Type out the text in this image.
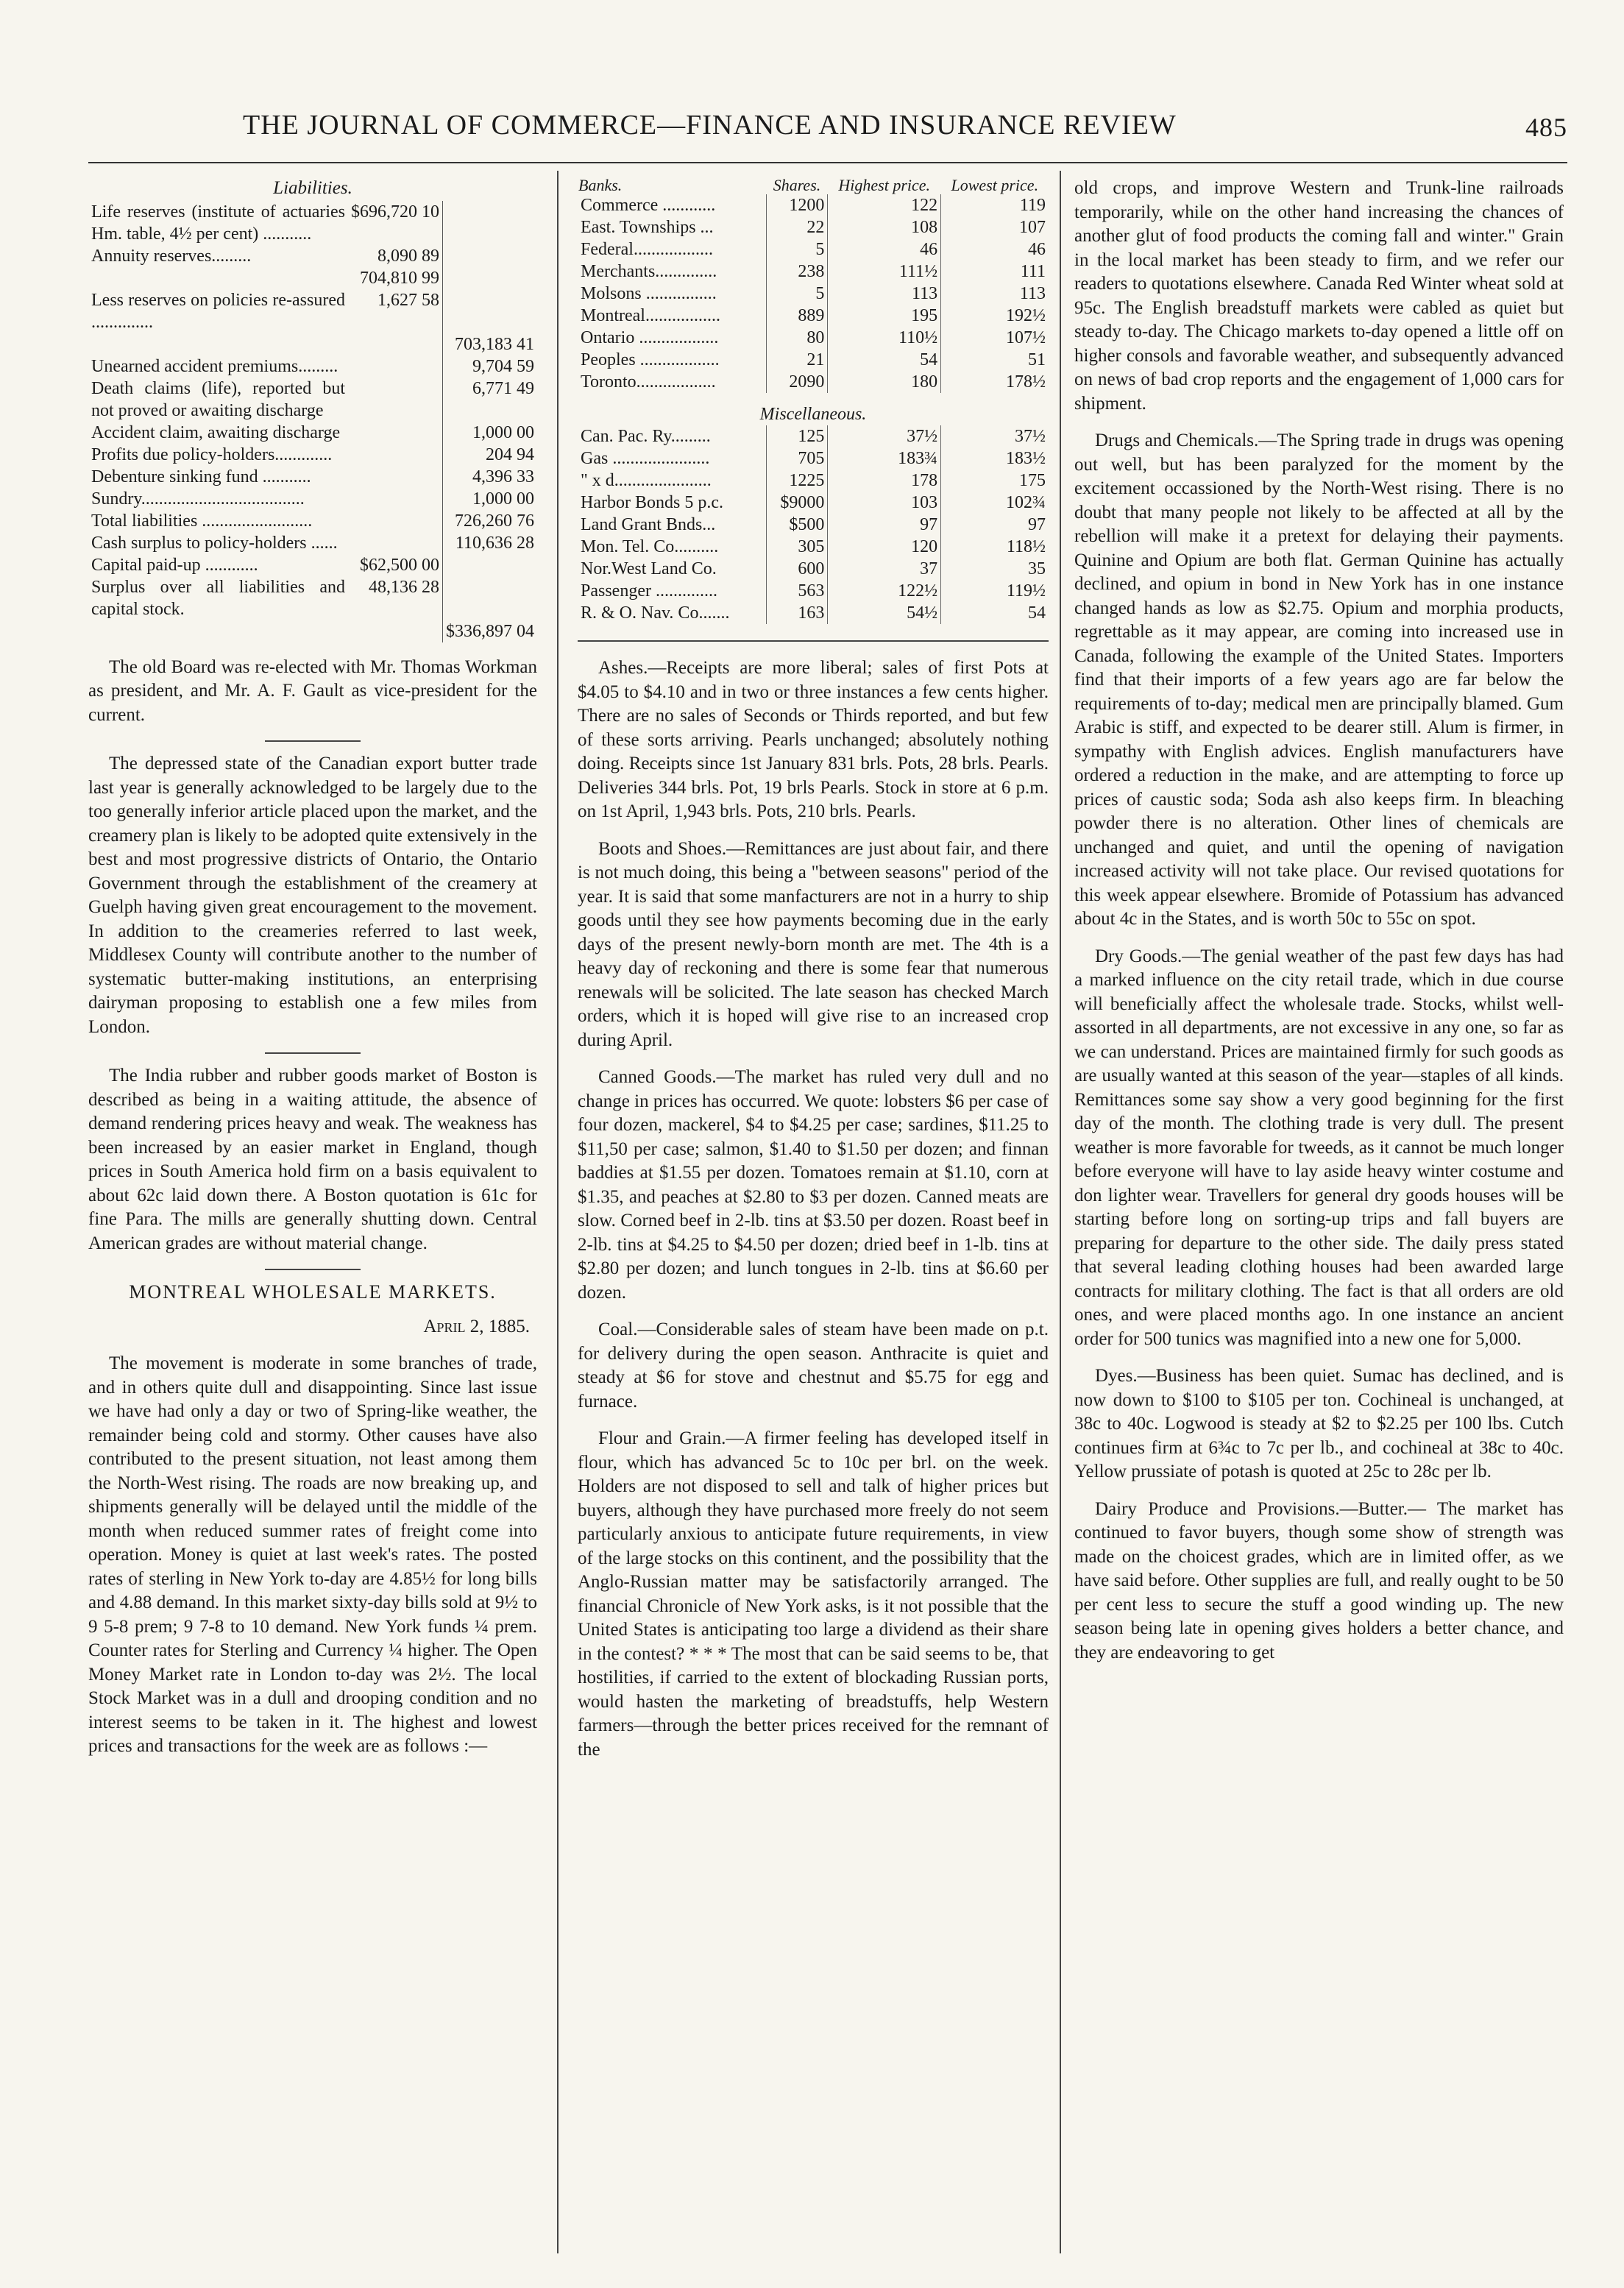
THE JOURNAL OF COMMERCE—FINANCE AND INSURANCE REVIEW	485
Liabilities.
Life reserves (institute of actuaries Hm. table, 4½ per cent) ...........	$696,720 10	
Annuity reserves.........	8,090 89	
	704,810 99	
Less reserves on policies re-assured ..............	1,627 58	
		703,183 41
Unearned accident premiums.........		9,704 59
Death claims (life), reported but not proved or awaiting discharge		6,771 49
Accident claim, awaiting discharge		1,000 00
Profits due policy-holders.............		204 94
Debenture sinking fund ...........		4,396 33
Sundry.....................................		1,000 00
Total liabilities .........................		726,260 76
Cash surplus to policy-holders ......		110,636 28
Capital paid-up ............	$62,500 00	
Surplus over all liabilities and capital stock.	48,136 28	
		$336,897 04

The old Board was re-elected with Mr. Thomas Workman as president, and Mr. A. F. Gault as vice-president for the current.

The depressed state of the Canadian export butter trade last year is generally acknowledged to be largely due to the too generally inferior article placed upon the market, and the creamery plan is likely to be adopted quite extensively in the best and most progressive districts of Ontario, the Ontario Government through the establishment of the creamery at Guelph having given great encouragement to the movement. In addition to the creameries referred to last week, Middlesex County will contribute another to the number of systematic butter-making institutions, an enterprising dairyman proposing to establish one a few miles from London.

The India rubber and rubber goods market of Boston is described as being in a waiting attitude, the absence of demand rendering prices heavy and weak. The weakness has been increased by an easier market in England, though prices in South America hold firm on a basis equivalent to about 62c laid down there. A Boston quotation is 61c for fine Para. The mills are generally shutting down. Central American grades are without material change.

MONTREAL WHOLESALE MARKETS.
April 2, 1885.

The movement is moderate in some branches of trade, and in others quite dull and disappointing. Since last issue we have had only a day or two of Spring-like weather, the remainder being cold and stormy. Other causes have also contributed to the present situation, not least among them the North-West rising. The roads are now breaking up, and shipments generally will be delayed until the middle of the month when reduced summer rates of freight come into operation. Money is quiet at last week's rates. The posted rates of sterling in New York to-day are 4.85½ for long bills and 4.88 demand. In this market sixty-day bills sold at 9½ to 9 5-8 prem; 9 7-8 to 10 demand. New York funds ¼ prem. Counter rates for Sterling and Currency ¼ higher. The Open Money Market rate in London to-day was 2½. The local Stock Market was in a dull and drooping condition and no interest seems to be taken in it. The highest and lowest prices and transactions for the week are as follows :—

Banks.	Shares.	Highest price.	Lowest price.
Commerce ............	1200	122	119
East. Townships ...	22	108	107
Federal..................	5	46	46
Merchants..............	238	111½	111
Molsons ................	5	113	113
Montreal.................	889	195	192½
Ontario ..................	80	110½	107½
Peoples ..................	21	54	51
Toronto..................	2090	180	178½
Miscellaneous.			
Can. Pac. Ry.........	125	37½	37½
Gas ......................	705	183¾	183½
" x d......................	1225	178	175
Harbor Bonds 5 p.c.	$9000	103	102¾
Land Grant Bnds...	$500	97	97
Mon. Tel. Co..........	305	120	118½
Nor.West Land Co.	600	37	35
Passenger ..............	563	122½	119½
R. & O. Nav. Co.......	163	54½	54

Ashes.—Receipts are more liberal; sales of first Pots at $4.05 to $4.10 and in two or three instances a few cents higher. There are no sales of Seconds or Thirds reported, and but few of these sorts arriving. Pearls unchanged; absolutely nothing doing. Receipts since 1st January 831 brls. Pots, 28 brls. Pearls. Deliveries 344 brls. Pot, 19 brls Pearls. Stock in store at 6 p.m. on 1st April, 1,943 brls. Pots, 210 brls. Pearls.

Boots and Shoes.—Remittances are just about fair, and there is not much doing, this being a "between seasons" period of the year. It is said that some manfacturers are not in a hurry to ship goods until they see how payments becoming due in the early days of the present newly-born month are met. The 4th is a heavy day of reckoning and there is some fear that numerous renewals will be solicited. The late season has checked March orders, which it is hoped will give rise to an increased crop during April.

Canned Goods.—The market has ruled very dull and no change in prices has occurred. We quote: lobsters $6 per case of four dozen, mackerel, $4 to $4.25 per case; sardines, $11.25 to $11,50 per case; salmon, $1.40 to $1.50 per dozen; and finnan baddies at $1.55 per dozen. Tomatoes remain at $1.10, corn at $1.35, and peaches at $2.80 to $3 per dozen. Canned meats are slow. Corned beef in 2-lb. tins at $3.50 per dozen. Roast beef in 2-lb. tins at $4.25 to $4.50 per dozen; dried beef in 1-lb. tins at $2.80 per dozen; and lunch tongues in 2-lb. tins at $6.60 per dozen.

Coal.—Considerable sales of steam have been made on p.t. for delivery during the open season. Anthracite is quiet and steady at $6 for stove and chestnut and $5.75 for egg and furnace.

Flour and Grain.—A firmer feeling has developed itself in flour, which has advanced 5c to 10c per brl. on the week. Holders are not disposed to sell and talk of higher prices but buyers, although they have purchased more freely do not seem particularly anxious to anticipate future requirements, in view of the large stocks on this continent, and the possibility that the Anglo-Russian matter may be satisfactorily arranged. The financial Chronicle of New York asks, is it not possible that the United States is anticipating too large a dividend as their share in the contest? * * * The most that can be said seems to be, that hostilities, if carried to the extent of blockading Russian ports, would hasten the marketing of breadstuffs, help Western farmers—through the better prices received for the remnant of the

old crops, and improve Western and Trunk-line railroads temporarily, while on the other hand increasing the chances of another glut of food products the coming fall and winter." Grain in the local market has been steady to firm, and we refer our readers to quotations elsewhere. Canada Red Winter wheat sold at 95c. The English breadstuff markets were cabled as quiet but steady to-day. The Chicago markets to-day opened a little off on higher consols and favorable weather, and subsequently advanced on news of bad crop reports and the engagement of 1,000 cars for shipment.

Drugs and Chemicals.—The Spring trade in drugs was opening out well, but has been paralyzed for the moment by the excitement occassioned by the North-West rising. There is no doubt that many people not likely to be affected at all by the rebellion will make it a pretext for delaying their payments. Quinine and Opium are both flat. German Quinine has actually declined, and opium in bond in New York has in one instance changed hands as low as $2.75. Opium and morphia products, regrettable as it may appear, are coming into increased use in Canada, following the example of the United States. Importers find that their imports of a few years ago are far below the requirements of to-day; medical men are principally blamed. Gum Arabic is stiff, and expected to be dearer still. Alum is firmer, in sympathy with English advices. English manufacturers have ordered a reduction in the make, and are attempting to force up prices of caustic soda; Soda ash also keeps firm. In bleaching powder there is no alteration. Other lines of chemicals are unchanged and quiet, and until the opening of navigation increased activity will not take place. Our revised quotations for this week appear elsewhere. Bromide of Potassium has advanced about 4c in the States, and is worth 50c to 55c on spot.

Dry Goods.—The genial weather of the past few days has had a marked influence on the city retail trade, which in due course will beneficially affect the wholesale trade. Stocks, whilst well-assorted in all departments, are not excessive in any one, so far as we can understand. Prices are maintained firmly for such goods as are usually wanted at this season of the year—staples of all kinds. Remittances some say show a very good beginning for the first day of the month. The clothing trade is very dull. The present weather is more favorable for tweeds, as it cannot be much longer before everyone will have to lay aside heavy winter costume and don lighter wear. Travellers for general dry goods houses will be starting before long on sorting-up trips and fall buyers are preparing for departure to the other side. The daily press stated that several leading clothing houses had been awarded large contracts for military clothing. The fact is that all orders are old ones, and were placed months ago. In one instance an ancient order for 500 tunics was magnified into a new one for 5,000.

Dyes.—Business has been quiet. Sumac has declined, and is now down to $100 to $105 per ton. Cochineal is unchanged, at 38c to 40c. Logwood is steady at $2 to $2.25 per 100 lbs. Cutch continues firm at 6¾c to 7c per lb., and cochineal at 38c to 40c. Yellow prussiate of potash is quoted at 25c to 28c per lb.

Dairy Produce and Provisions.—Butter.— The market has continued to favor buyers, though some show of strength was made on the choicest grades, which are in limited offer, as we have said before. Other supplies are full, and really ought to be 50 per cent less to secure the stuff a good winding up. The new season being late in opening gives holders a better chance, and they are endeavoring to get
